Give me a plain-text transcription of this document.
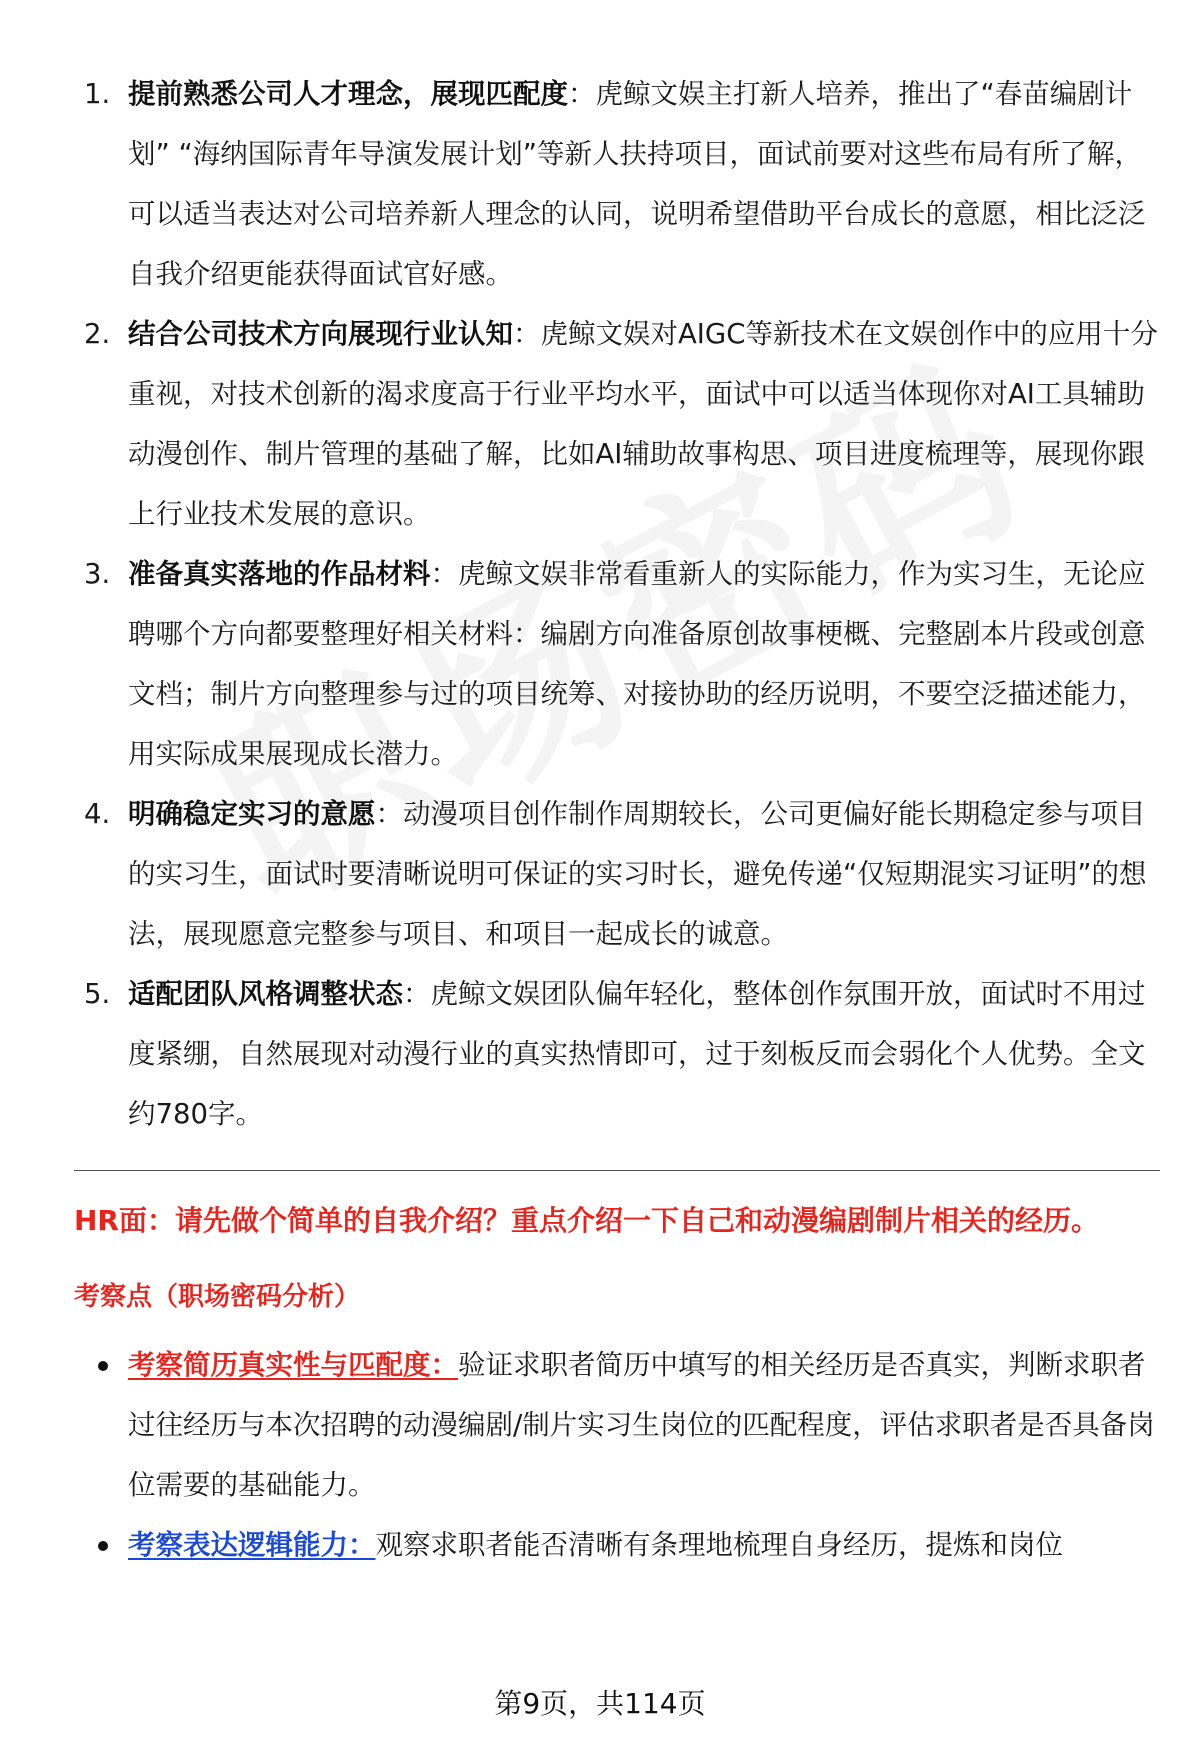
1. 提前熟悉公司人才理念，展现匹配度：虎鲸文娱主打新人培养，推出了“春苗编剧计划” “海纳国际青年导演发展计划”等新人扶持项目，面试前要对这些布局有所了解，可以适当表达对公司培养新人理念的认同，说明希望借助平台成长的意愿，相比泛泛自我介绍更能获得面试官好感。
2. 结合公司技术方向展现行业认知：虎鲸文娱对AIGC等新技术在文娱创作中的应用十分重视，对技术创新的渴求度高于行业平均水平，面试中可以适当体现你对AI工具辅助动漫创作、制片管理的基础了解，比如AI辅助故事构思、项目进度梳理等，展现你跟上行业技术发展的意识。
3. 准备真实落地的作品材料：虎鲸文娱非常看重新人的实际能力，作为实习生，无论应聘哪个方向都要整理好相关材料：编剧方向准备原创故事梗概、完整剧本片段或创意文档；制片方向整理参与过的项目统筹、对接协助的经历说明，不要空泛描述能力，用实际成果展现成长潜力。
4. 明确稳定实习的意愿：动漫项目创作制作周期较长，公司更偏好能长期稳定参与项目的实习生，面试时要清晰说明可保证的实习时长，避免传递“仅短期混实习证明”的想法，展现愿意完整参与项目、和项目一起成长的诚意。
5. 适配团队风格调整状态：虎鲸文娱团队偏年轻化，整体创作氛围开放，面试时不用过度紧绷，自然展现对动漫行业的真实热情即可，过于刻板反而会弱化个人优势。全文约780字。
HR面：请先做个简单的自我介绍？重点介绍一下自己和动漫编剧制片相关的经历。
考察点（职场密码分析）
考察简历真实性与匹配度：验证求职者简历中填写的相关经历是否真实，判断求职者过往经历与本次招聘的动漫编剧/制片实习生岗位的匹配程度，评估求职者是否具备岗位需要的基础能力。
考察表达逻辑能力：观察求职者能否清晰有条理地梳理自身经历，提炼和岗位
第9页，共114页
